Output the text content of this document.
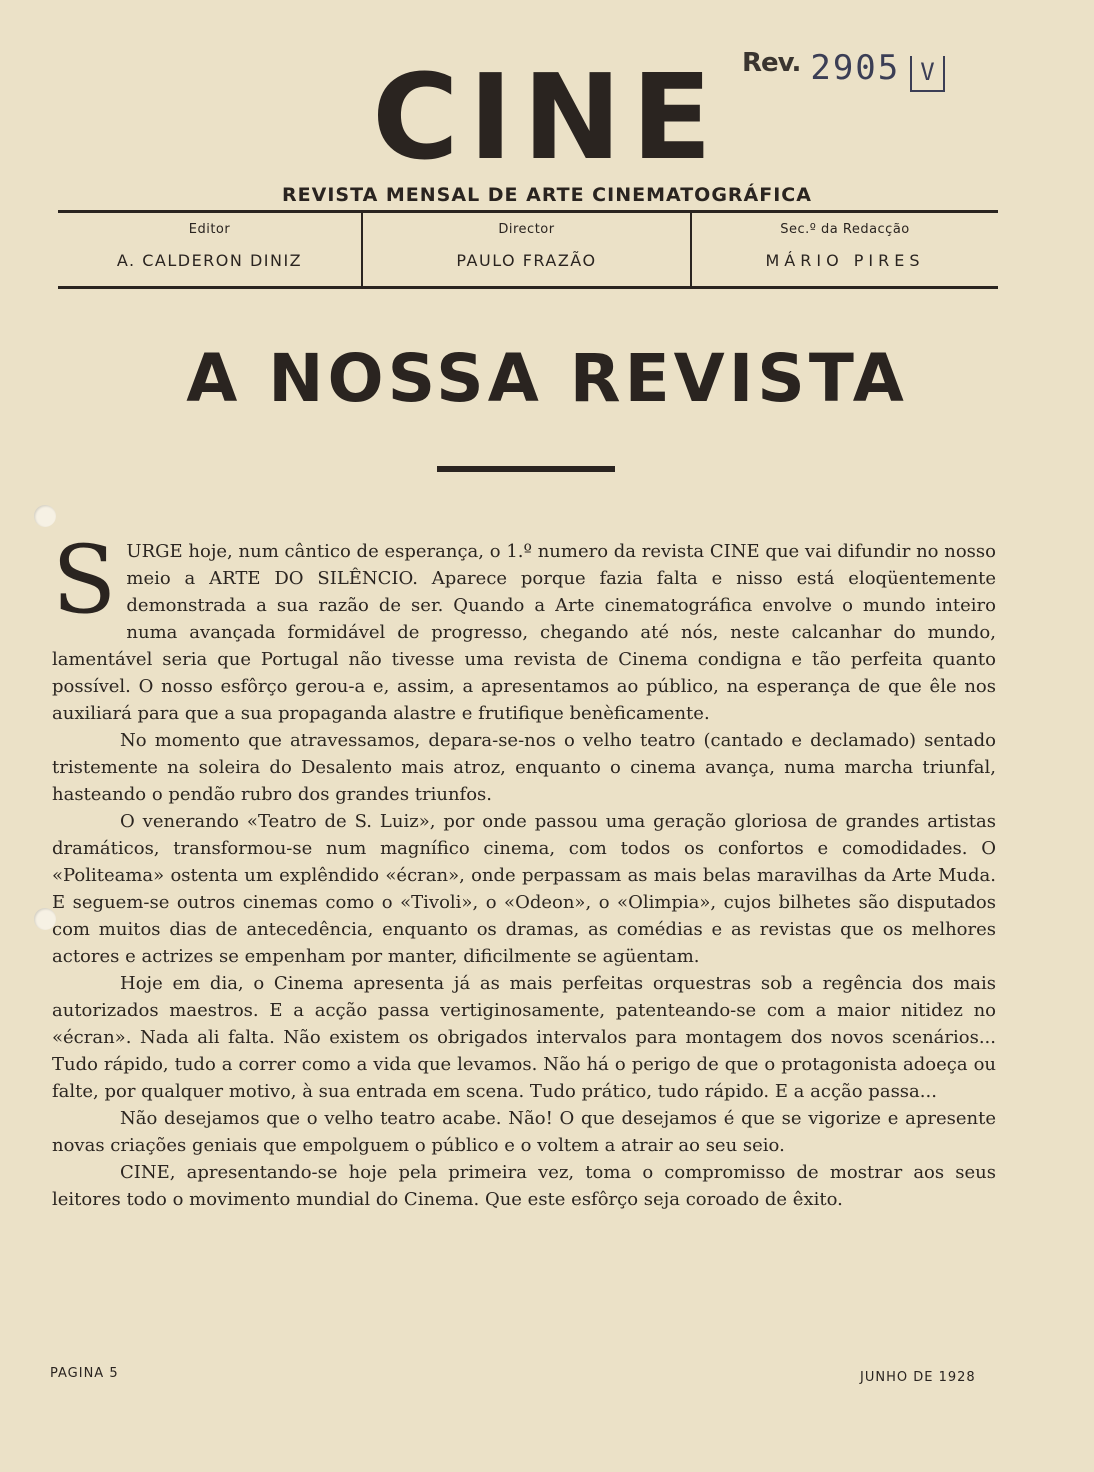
Rev. 2905 V
CINE
REVISTA MENSAL DE ARTE CINEMATOGRÁFICA
Editor
A. CALDERON DINIZ
Director
PAULO FRAZÃO
Sec.º da Redacção
MÁRIO PIRES
A NOSSA REVISTA

SURGE hoje, num cântico de esperança, o 1.º numero da revista CINE que vai difundir no nosso meio a ARTE DO SILÊNCIO. Aparece porque fazia falta e nisso está eloqüentemente demonstrada a sua razão de ser. Quando a Arte cinematográfica envolve o mundo inteiro numa avançada formidável de progresso, chegando até nós, neste calcanhar do mundo, lamentável seria que Portugal não tivesse uma revista de Cinema condigna e tão perfeita quanto possível. O nosso esfôrço gerou-a e, assim, a apresentamos ao público, na esperança de que êle nos auxiliará para que a sua propaganda alastre e frutifique benèficamente.

No momento que atravessamos, depara-se-nos o velho teatro (cantado e declamado) sentado tristemente na soleira do Desalento mais atroz, enquanto o cinema avança, numa marcha triunfal, hasteando o pendão rubro dos grandes triunfos.

O venerando «Teatro de S. Luiz», por onde passou uma geração gloriosa de grandes artistas dramáticos, transformou-se num magnífico cinema, com todos os confortos e comodidades. O «Politeama» ostenta um explêndido «écran», onde perpassam as mais belas maravilhas da Arte Muda. E seguem-se outros cinemas como o «Tivoli», o «Odeon», o «Olimpia», cujos bilhetes são disputados com muitos dias de antecedência, enquanto os dramas, as comédias e as revistas que os melhores actores e actrizes se empenham por manter, dificilmente se agüentam.

Hoje em dia, o Cinema apresenta já as mais perfeitas orquestras sob a regência dos mais autorizados maestros. E a acção passa vertiginosamente, patenteando-se com a maior nitidez no «écran». Nada ali falta. Não existem os obrigados intervalos para montagem dos novos scenários... Tudo rápido, tudo a correr como a vida que levamos. Não há o perigo de que o protagonista adoeça ou falte, por qualquer motivo, à sua entrada em scena. Tudo prático, tudo rápido. E a acção passa...

Não desejamos que o velho teatro acabe. Não! O que desejamos é que se vigorize e apresente novas criações geniais que empolguem o público e o voltem a atrair ao seu seio.

CINE, apresentando-se hoje pela primeira vez, toma o compromisso de mostrar aos seus leitores todo o movimento mundial do Cinema. Que este esfôrço seja coroado de êxito.

PAGINA 5	JUNHO DE 1928
